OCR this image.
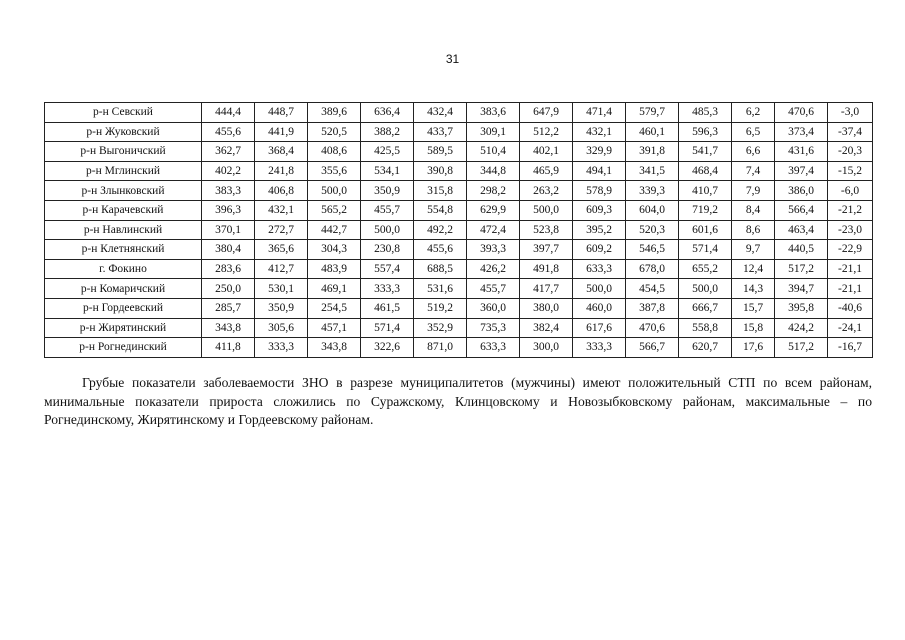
31
р-н Севский	444,4	448,7	389,6	636,4	432,4	383,6	647,9	471,4	579,7	485,3	6,2	470,6	-3,0
р-н Жуковский	455,6	441,9	520,5	388,2	433,7	309,1	512,2	432,1	460,1	596,3	6,5	373,4	-37,4
р-н Выгоничский	362,7	368,4	408,6	425,5	589,5	510,4	402,1	329,9	391,8	541,7	6,6	431,6	-20,3
р-н Мглинский	402,2	241,8	355,6	534,1	390,8	344,8	465,9	494,1	341,5	468,4	7,4	397,4	-15,2
р-н Злынковский	383,3	406,8	500,0	350,9	315,8	298,2	263,2	578,9	339,3	410,7	7,9	386,0	-6,0
р-н Карачевский	396,3	432,1	565,2	455,7	554,8	629,9	500,0	609,3	604,0	719,2	8,4	566,4	-21,2
р-н Навлинский	370,1	272,7	442,7	500,0	492,2	472,4	523,8	395,2	520,3	601,6	8,6	463,4	-23,0
р-н Клетнянский	380,4	365,6	304,3	230,8	455,6	393,3	397,7	609,2	546,5	571,4	9,7	440,5	-22,9
г. Фокино	283,6	412,7	483,9	557,4	688,5	426,2	491,8	633,3	678,0	655,2	12,4	517,2	-21,1
р-н Комаричский	250,0	530,1	469,1	333,3	531,6	455,7	417,7	500,0	454,5	500,0	14,3	394,7	-21,1
р-н Гордеевский	285,7	350,9	254,5	461,5	519,2	360,0	380,0	460,0	387,8	666,7	15,7	395,8	-40,6
р-н Жирятинский	343,8	305,6	457,1	571,4	352,9	735,3	382,4	617,6	470,6	558,8	15,8	424,2	-24,1
р-н Рогнединский	411,8	333,3	343,8	322,6	871,0	633,3	300,0	333,3	566,7	620,7	17,6	517,2	-16,7

Грубые показатели заболеваемости ЗНО в разрезе муниципалитетов (мужчины) имеют положительный СТП по всем районам, минимальные показатели прироста сложились по Суражскому, Клинцовскому и Новозыбковскому районам, максимальные – по Рогнединскому, Жирятинскому и Гордеевскому районам.
